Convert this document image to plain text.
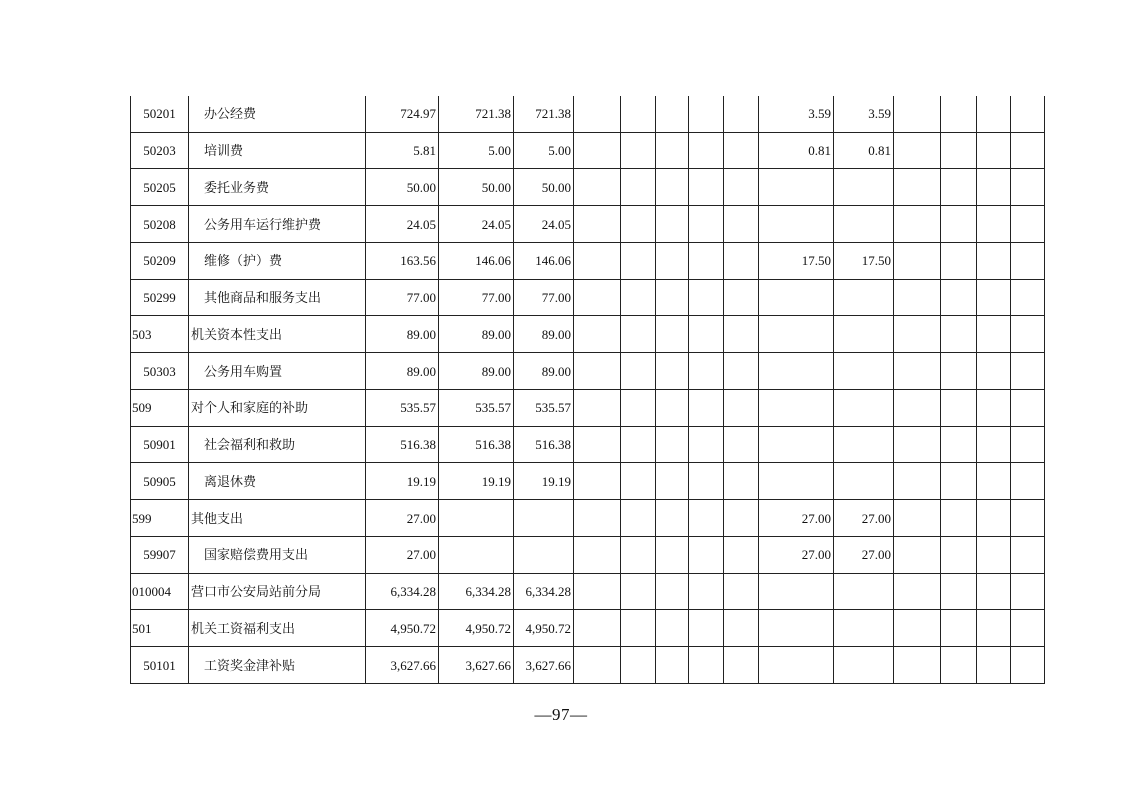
50201	办公经费	724.97	721.38	721.38						3.59	3.59				
50203	培训费	5.81	5.00	5.00						0.81	0.81				
50205	委托业务费	50.00	50.00	50.00											
50208	公务用车运行维护费	24.05	24.05	24.05											
50209	维修（护）费	163.56	146.06	146.06						17.50	17.50				
50299	其他商品和服务支出	77.00	77.00	77.00											
503	机关资本性支出	89.00	89.00	89.00											
50303	公务用车购置	89.00	89.00	89.00											
509	对个人和家庭的补助	535.57	535.57	535.57											
50901	社会福利和救助	516.38	516.38	516.38											
50905	离退休费	19.19	19.19	19.19											
599	其他支出	27.00								27.00	27.00				
59907	国家赔偿费用支出	27.00								27.00	27.00				
010004	营口市公安局站前分局	6,334.28	6,334.28	6,334.28											
501	机关工资福利支出	4,950.72	4,950.72	4,950.72											
50101	工资奖金津补贴	3,627.66	3,627.66	3,627.66											
—97—
